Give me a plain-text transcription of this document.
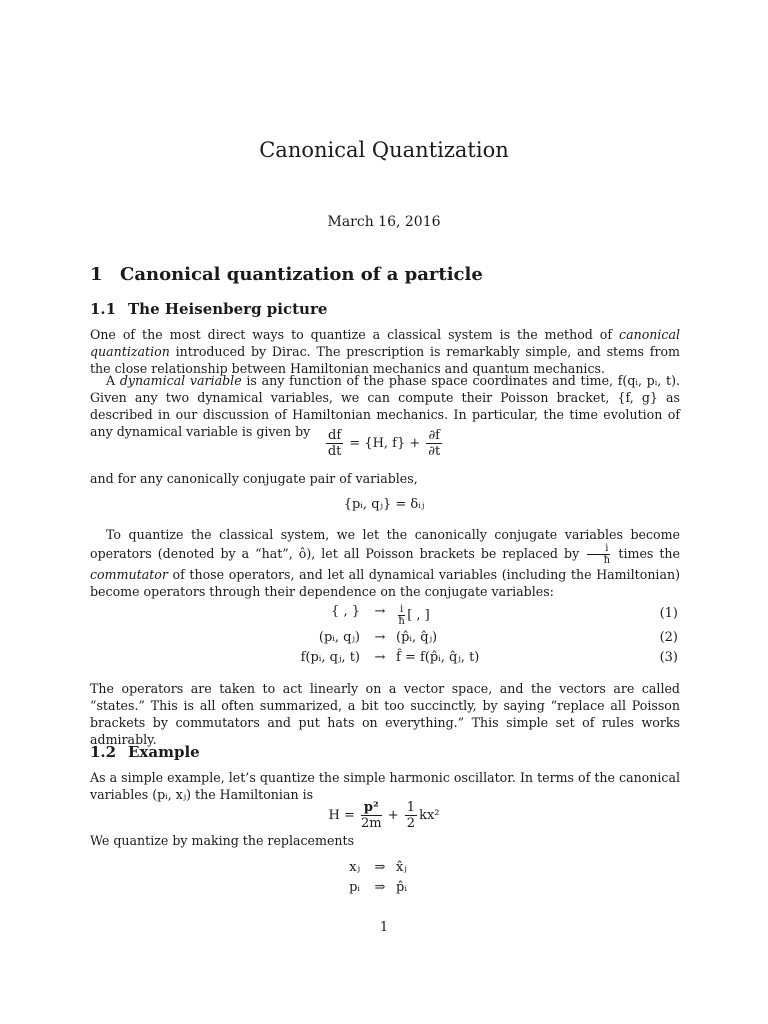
Canonical Quantization
March 16, 2016
1 Canonical quantization of a particle
1.1 The Heisenberg picture
One of the most direct ways to quantize a classical system is the method of canonical quantization introduced by Dirac. The prescription is remarkably simple, and stems from the close relationship between Hamiltonian mechanics and quantum mechanics.
A dynamical variable is any function of the phase space coordinates and time, f(qᵢ, pᵢ, t). Given any two dynamical variables, we can compute their Poisson bracket, {f, g} as described in our discussion of Hamiltonian mechanics. In particular, the time evolution of any dynamical variable is given by	$\frac{df}{dt} = \{H$, $f\} + \frac{\partial f}{\partial t}$
and for any canonically conjugate pair of variables,
{pᵢ, qⱼ} = δᵢⱼ
To quantize the classical system, we let the canonically conjugate variables become operators (denoted by a “hat”, ô), let all Poisson brackets be replaced by $\frac{i}{ħ}$ times the commutator of those operators, and let all dynamical variables (including the Hamiltonian) become operators through their dependence on the conjugate variables:
{ , }	→	$\frac{i}{ħ}$ [ , ]	(1)
(pᵢ, qⱼ)	→ (p̂ᵢ, q̂ⱼ)	(2)
f(pᵢ, qⱼ, t)	→ f̂ = f(p̂ᵢ, q̂ⱼ, t)	(3)
The operators are taken to act linearly on a vector space, and the vectors are called “states.” This is all often summarized, a bit too succinctly, by saying “replace all Poisson brackets by commutators and put hats on everything.” This simple set of rules works admirably.
1.2 Example
As a simple example, let’s quantize the simple harmonic oscillator. In terms of the canonical variables (pᵢ, xⱼ) the Hamiltonian is
$H = \frac{\text{p²}}{2m} + \frac{1}{2} kx^2$
We quantize by making the replacements
xⱼ	⇒ x̂ⱼ
pᵢ	⇒ p̂ᵢ
1
